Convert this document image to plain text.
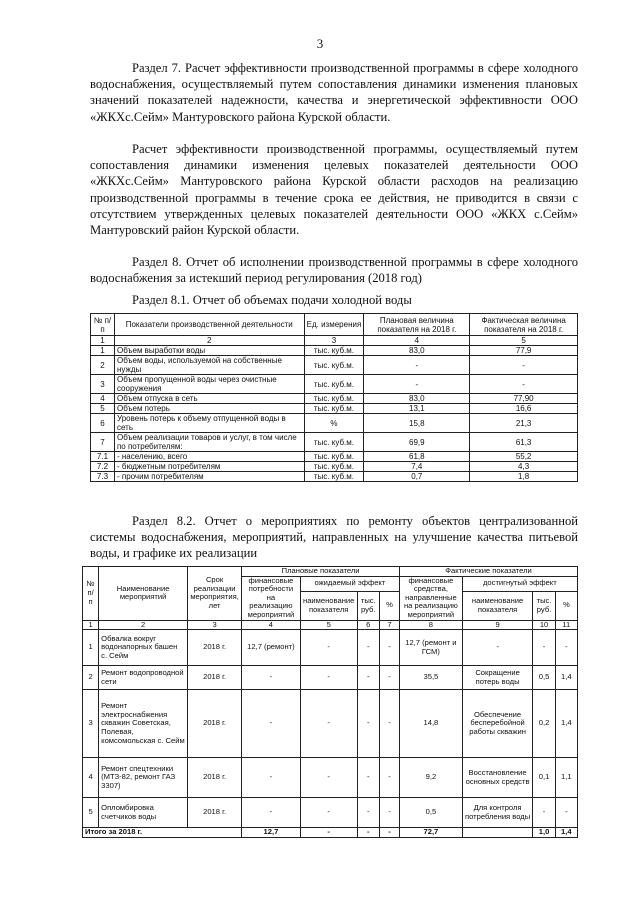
3

Раздел 7. Расчет эффективности производственной программы в сфере холодного водоснабжения, осуществляемый путем сопоставления динамики изменения плановых значений показателей надежности, качества и энергетической эффективности ООО «ЖКХс.Сейм» Мантуровского района Курской области.

Расчет эффективности производственной программы, осуществляемый путем сопоставления динамики изменения целевых показателей деятельности ООО «ЖКХс.Сейм» Мантуровского района Курской области расходов на реализацию производственной программы в течение срока ее действия, не приводится в связи с отсутствием утвержденных целевых показателей деятельности ООО «ЖКХ с.Сейм» Мантуровский район Курской области.

Раздел 8. Отчет об исполнении производственной программы в сфере холодного водоснабжения за истекший период регулирования (2018 год)

Раздел 8.1. Отчет об объемах подачи холодной воды

№ п/п	Показатели производственной деятельности	Ед. измерения	Плановая величина показателя на 2018 г.	Фактическая величина показателя на 2018 г.
1	2	3	4	5
1	Объем выработки воды	тыс. куб.м.	83,0	77,9
2	Объем воды, используемой на собственные нужды	тыс. куб.м.	-	-
3	Объем пропущенной воды через очистные сооружения	тыс. куб.м.	-	-
4	Объем отпуска в сеть	тыс. куб.м.	83,0	77,90
5	Объем потерь	тыс. куб.м.	13,1	16,6
6	Уровень потерь к объему отпущенной воды в сеть	%	15,8	21,3
7	Объем реализации товаров и услуг, в том числе по потребителям:	тыс. куб.м.	69,9	61,3
7.1	- населению, всего	тыс. куб.м.	61,8	55,2
7.2	- бюджетным потребителям	тыс. куб.м.	7,4	4,3
7.3	- прочим потребителям	тыс. куб.м.	0,7	1,8

Раздел 8.2. Отчет о мероприятиях по ремонту объектов централизованной системы водоснабжения, мероприятий, направленных на улучшение качества питьевой воды, и графике их реализации

№ п/ п	Наименование мероприятий	Срок реализации мероприятия, лет	Плановые показатели				Фактические показатели			
			финансовые потребности на реализацию мероприятий	ожидаемый эффект			финансовые средства, направленные на реализацию мероприятий	достигнутый эффект		
				наименование показателя	тыс. руб.	%		наименование показателя	тыс. руб.	%
1	2	3	4	5	6	7	8	9	10	11
1	Обвалка вокруг водонапорных башен с. Сейм	2018 г.	12,7 (ремонт)	-	-	-	12,7 (ремонт и ГСМ)	-	-	-
2	Ремонт водопроводной сети	2018 г.	-	-	-	-	35,5	Сокращение потерь воды	0,5	1,4
3	Ремонт электроснабжения скважин Советская, Полевая, комсомольская с. Сейм	2018 г.	-	-	-	-	14,8	Обеспечение бесперебойной работы скважин	0,2	1,4
4	Ремонт спецтехники (МТЗ-82, ремонт ГАЗ 3307)	2018 г.	-	-	-	-	9,2	Восстановление основных средств	0,1	1,1
5	Опломбировка счетчиков воды	2018 г.	-	-	-	-	0,5	Для контроля потребления воды	-	-
Итого за 2018 г.			12,7	-	-	-	72,7		1,0	1,4
